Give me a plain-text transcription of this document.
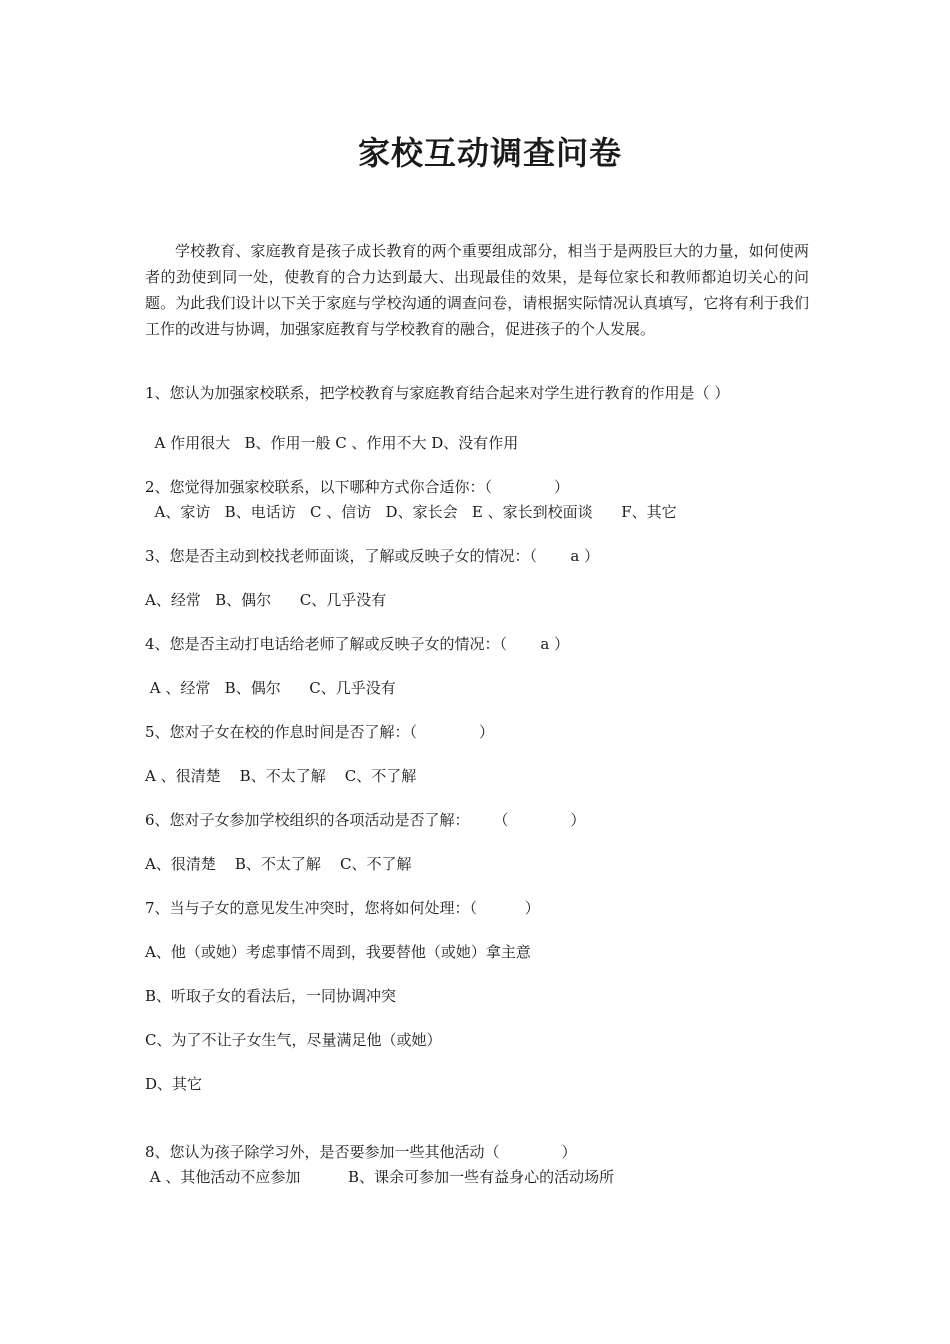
家校互动调查问卷

学校教育、家庭教育是孩子成长教育的两个重要组成部分，相当于是两股巨大的力量，如何使两者的劲使到同一处，使教育的合力达到最大、出现最佳的效果，是每位家长和教师都迫切关心的问题。为此我们设计以下关于家庭与学校沟通的调查问卷，请根据实际情况认真填写，它将有利于我们工作的改进与协调，加强家庭教育与学校教育的融合，促进孩子的个人发展。

1、您认为加强家校联系，把学校教育与家庭教育结合起来对学生进行教育的作用是（ ）

A 作用很大   B、作用一般 C 、作用不大 D、没有作用

2、您觉得加强家校联系，以下哪种方式你合适你：（             ）

A、家访   B、电话访   C 、信访   D、家长会   E 、家长到校面谈      F、其它

3、您是否主动到校找老师面谈，了解或反映子女的情况：（       a ）

A、经常   B、偶尔      C、几乎没有

4、您是否主动打电话给老师了解或反映子女的情况：（       a ）

A 、经常   B、偶尔      C、几乎没有

5、您对子女在校的作息时间是否了解：（             ）

A 、很清楚    B、不太了解    C、不了解

6、您对子女参加学校组织的各项活动是否了解：     （             ）

A、很清楚    B、不太了解    C、不了解

7、当与子女的意见发生冲突时，您将如何处理：（          ）

A、他（或她）考虑事情不周到，我要替他（或她）拿主意

B、听取子女的看法后，一同协调冲突

C、为了不让子女生气，尽量满足他（或她）

D、其它

8、您认为孩子除学习外，是否要参加一些其他活动（             ）

A 、其他活动不应参加          B、课余可参加一些有益身心的活动场所
